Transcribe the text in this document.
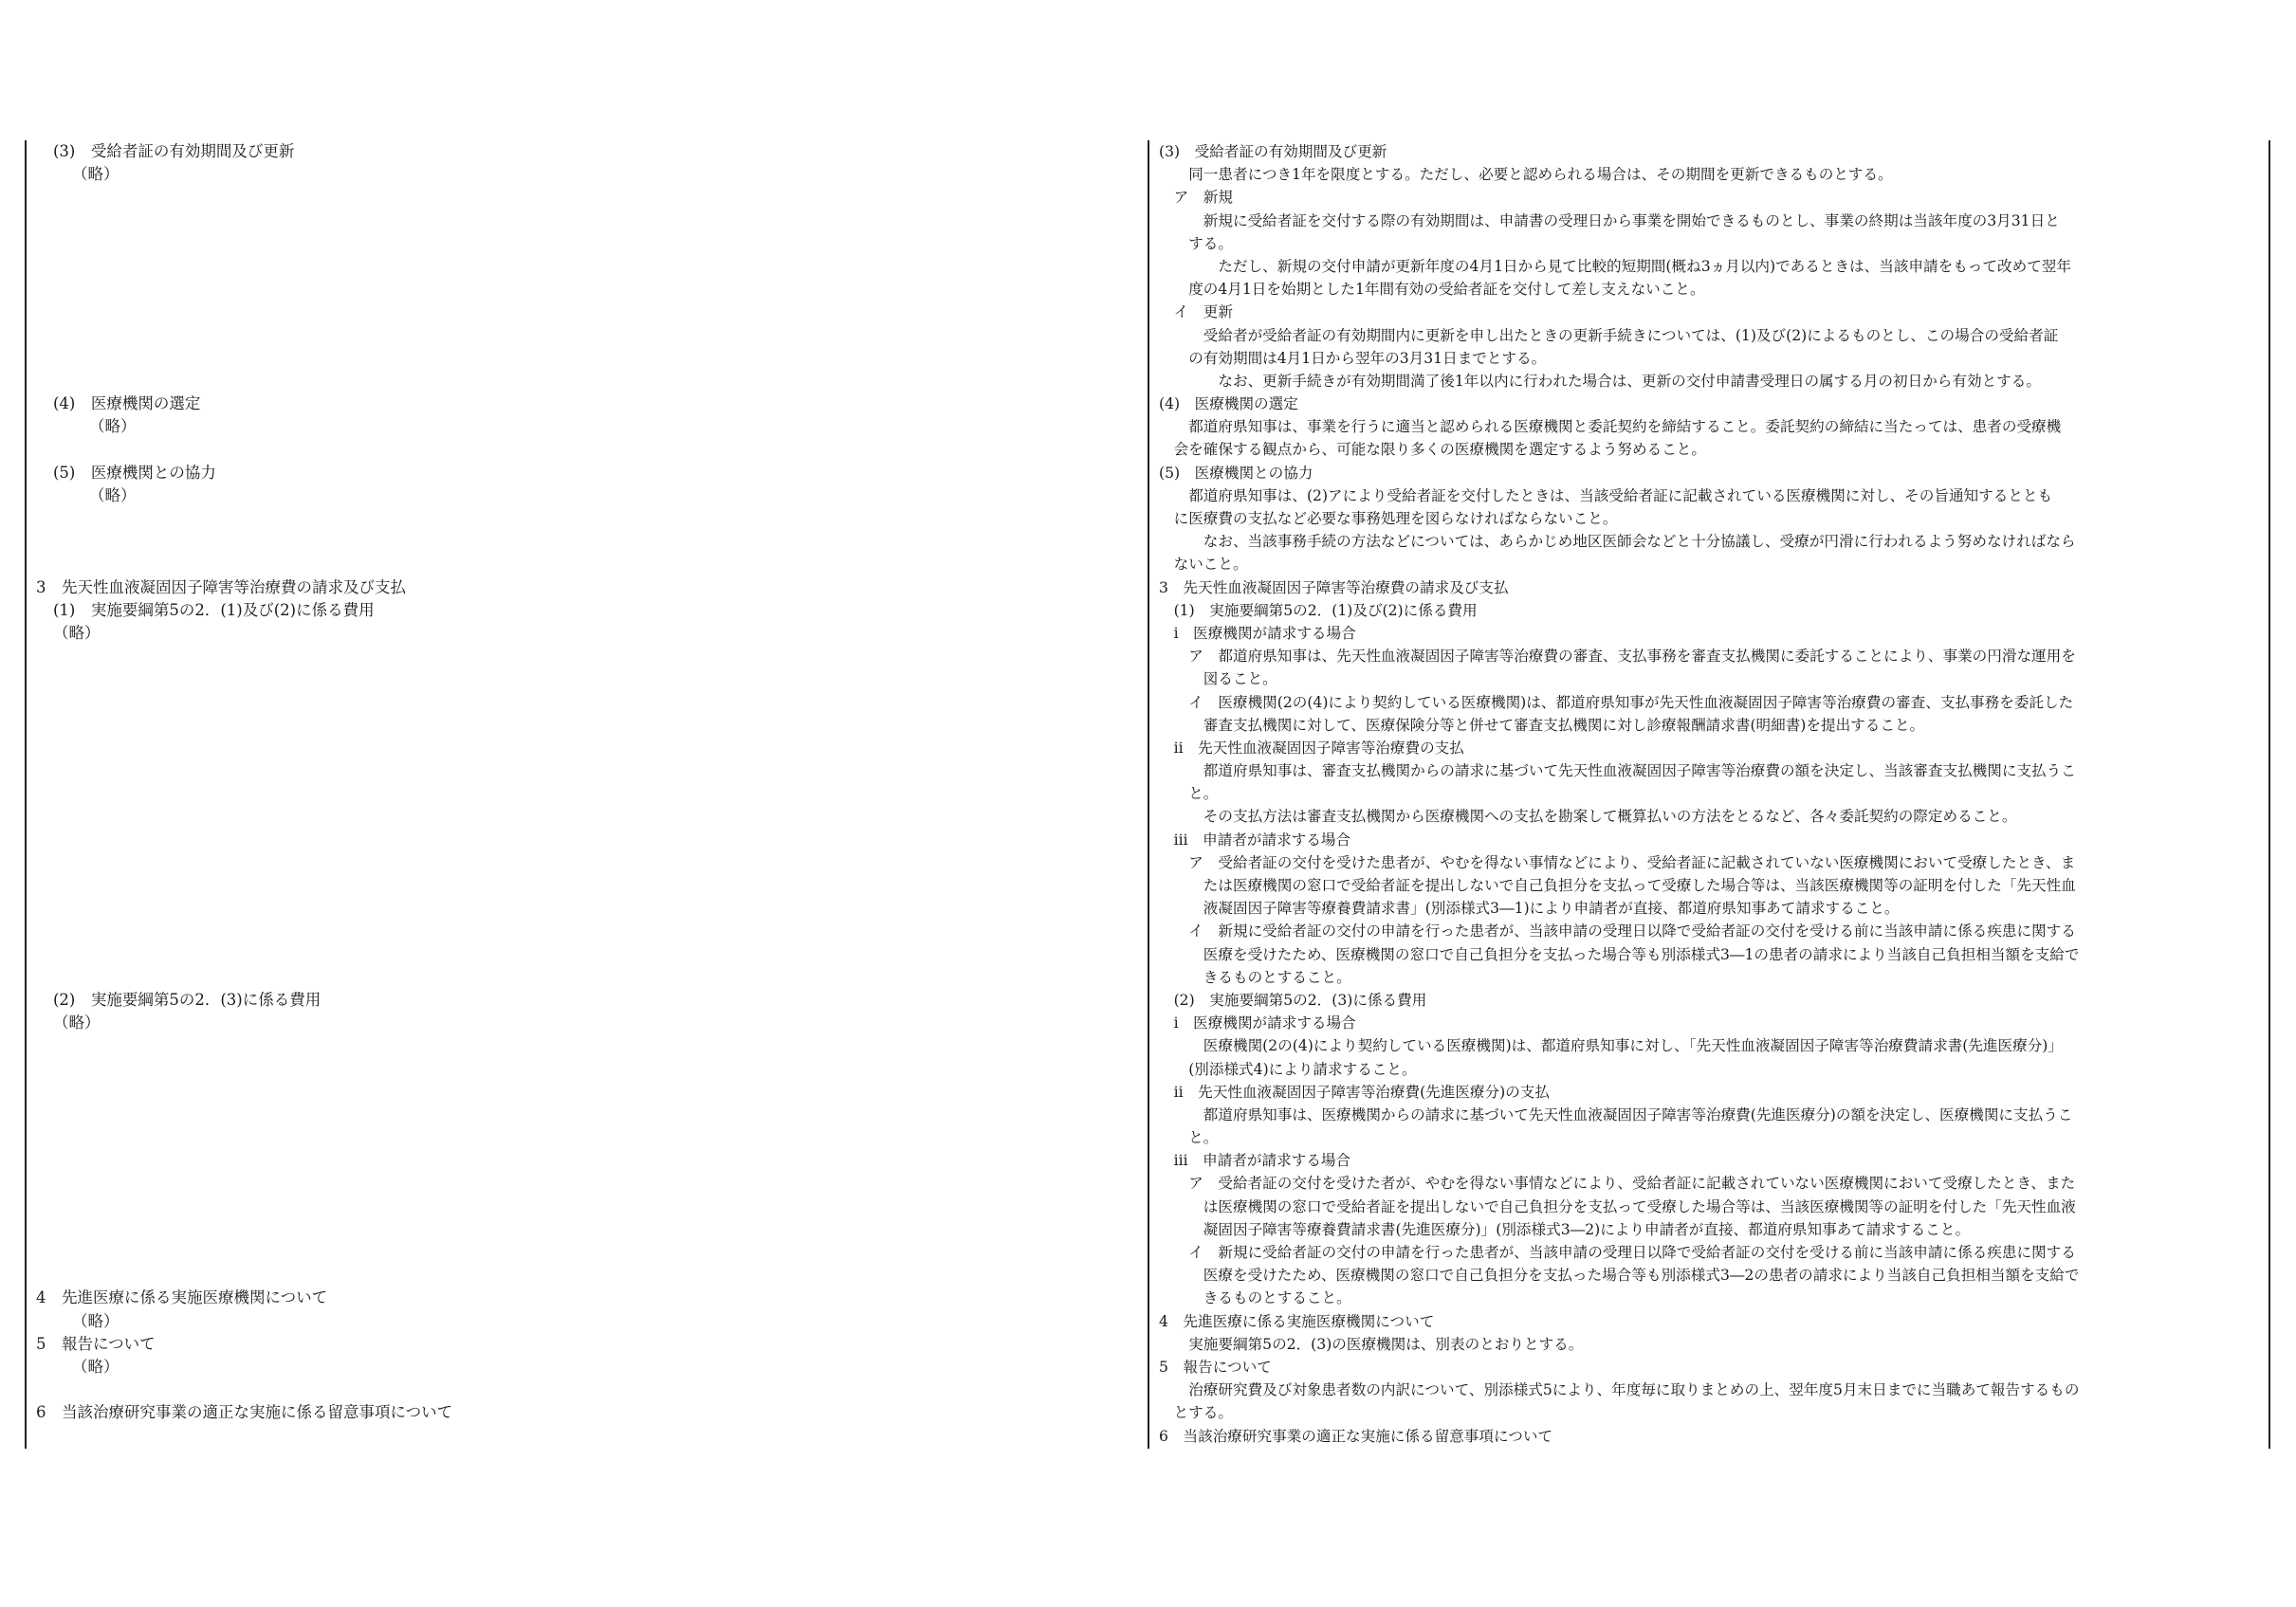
(3)　受給者証の有効期間及び更新
（略）
(4)　医療機関の選定
（略）
(5)　医療機関との協力
（略）
3　先天性血液凝固因子障害等治療費の請求及び支払
(1)　実施要綱第5の2．(1)及び(2)に係る費用
（略）
(2)　実施要綱第5の2．(3)に係る費用
（略）
4　先進医療に係る実施医療機関について
（略）
5　報告について
（略）
6　当該治療研究事業の適正な実施に係る留意事項について
(3)　受給者証の有効期間及び更新
　　同一患者につき1年を限度とする。ただし、必要と認められる場合は、その期間を更新できるものとする。
　ア　新規
　　　新規に受給者証を交付する際の有効期間は、申請書の受理日から事業を開始できるものとし、事業の終期は当該年度の3月31日と
　　する。
　　　　ただし、新規の交付申請が更新年度の4月1日から見て比較的短期間(概ね3ヵ月以内)であるときは、当該申請をもって改めて翌年
　　度の4月1日を始期とした1年間有効の受給者証を交付して差し支えないこと。
　イ　更新
　　　受給者が受給者証の有効期間内に更新を申し出たときの更新手続きについては、(1)及び(2)によるものとし、この場合の受給者証
　　の有効期間は4月1日から翌年の3月31日までとする。
　　　　なお、更新手続きが有効期間満了後1年以内に行われた場合は、更新の交付申請書受理日の属する月の初日から有効とする。
(4)　医療機関の選定
　　都道府県知事は、事業を行うに適当と認められる医療機関と委託契約を締結すること。委託契約の締結に当たっては、患者の受療機
　会を確保する観点から、可能な限り多くの医療機関を選定するよう努めること。
(5)　医療機関との協力
　　都道府県知事は、(2)アにより受給者証を交付したときは、当該受給者証に記載されている医療機関に対し、その旨通知するととも
　に医療費の支払など必要な事務処理を図らなければならないこと。
　　　なお、当該事務手続の方法などについては、あらかじめ地区医師会などと十分協議し、受療が円滑に行われるよう努めなければなら
　ないこと。
3　先天性血液凝固因子障害等治療費の請求及び支払
　(1)　実施要綱第5の2．(1)及び(2)に係る費用
　ⅰ　医療機関が請求する場合
　　ア　都道府県知事は、先天性血液凝固因子障害等治療費の審査、支払事務を審査支払機関に委託することにより、事業の円滑な運用を
　　　図ること。
　　イ　医療機関(2の(4)により契約している医療機関)は、都道府県知事が先天性血液凝固因子障害等治療費の審査、支払事務を委託した
　　　審査支払機関に対して、医療保険分等と併せて審査支払機関に対し診療報酬請求書(明細書)を提出すること。
　ⅱ　先天性血液凝固因子障害等治療費の支払
　　　都道府県知事は、審査支払機関からの請求に基づいて先天性血液凝固因子障害等治療費の額を決定し、当該審査支払機関に支払うこ
　　と。
　　　その支払方法は審査支払機関から医療機関への支払を勘案して概算払いの方法をとるなど、各々委託契約の際定めること。
　ⅲ　申請者が請求する場合
　　ア　受給者証の交付を受けた患者が、やむを得ない事情などにより、受給者証に記載されていない医療機関において受療したとき、ま
　　　たは医療機関の窓口で受給者証を提出しないで自己負担分を支払って受療した場合等は、当該医療機関等の証明を付した「先天性血
　　　液凝固因子障害等療養費請求書」(別添様式3―1)により申請者が直接、都道府県知事あて請求すること。
　　イ　新規に受給者証の交付の申請を行った患者が、当該申請の受理日以降で受給者証の交付を受ける前に当該申請に係る疾患に関する
　　　医療を受けたため、医療機関の窓口で自己負担分を支払った場合等も別添様式3―1の患者の請求により当該自己負担相当額を支給で
　　　きるものとすること。
　(2)　実施要綱第5の2．(3)に係る費用
　ⅰ　医療機関が請求する場合
　　　医療機関(2の(4)により契約している医療機関)は、都道府県知事に対し、「先天性血液凝固因子障害等治療費請求書(先進医療分)」
　　(別添様式4)により請求すること。
　ⅱ　先天性血液凝固因子障害等治療費(先進医療分)の支払
　　　都道府県知事は、医療機関からの請求に基づいて先天性血液凝固因子障害等治療費(先進医療分)の額を決定し、医療機関に支払うこ
　　と。
　ⅲ　申請者が請求する場合
　　ア　受給者証の交付を受けた者が、やむを得ない事情などにより、受給者証に記載されていない医療機関において受療したとき、また
　　　は医療機関の窓口で受給者証を提出しないで自己負担分を支払って受療した場合等は、当該医療機関等の証明を付した「先天性血液
　　　凝固因子障害等療養費請求書(先進医療分)」(別添様式3―2)により申請者が直接、都道府県知事あて請求すること。
　　イ　新規に受給者証の交付の申請を行った患者が、当該申請の受理日以降で受給者証の交付を受ける前に当該申請に係る疾患に関する
　　　医療を受けたため、医療機関の窓口で自己負担分を支払った場合等も別添様式3―2の患者の請求により当該自己負担相当額を支給で
　　　きるものとすること。
4　先進医療に係る実施医療機関について
　　実施要綱第5の2．(3)の医療機関は、別表のとおりとする。
5　報告について
　　治療研究費及び対象患者数の内訳について、別添様式5により、年度毎に取りまとめの上、翌年度5月末日までに当職あて報告するもの
　とする。
6　当該治療研究事業の適正な実施に係る留意事項について
